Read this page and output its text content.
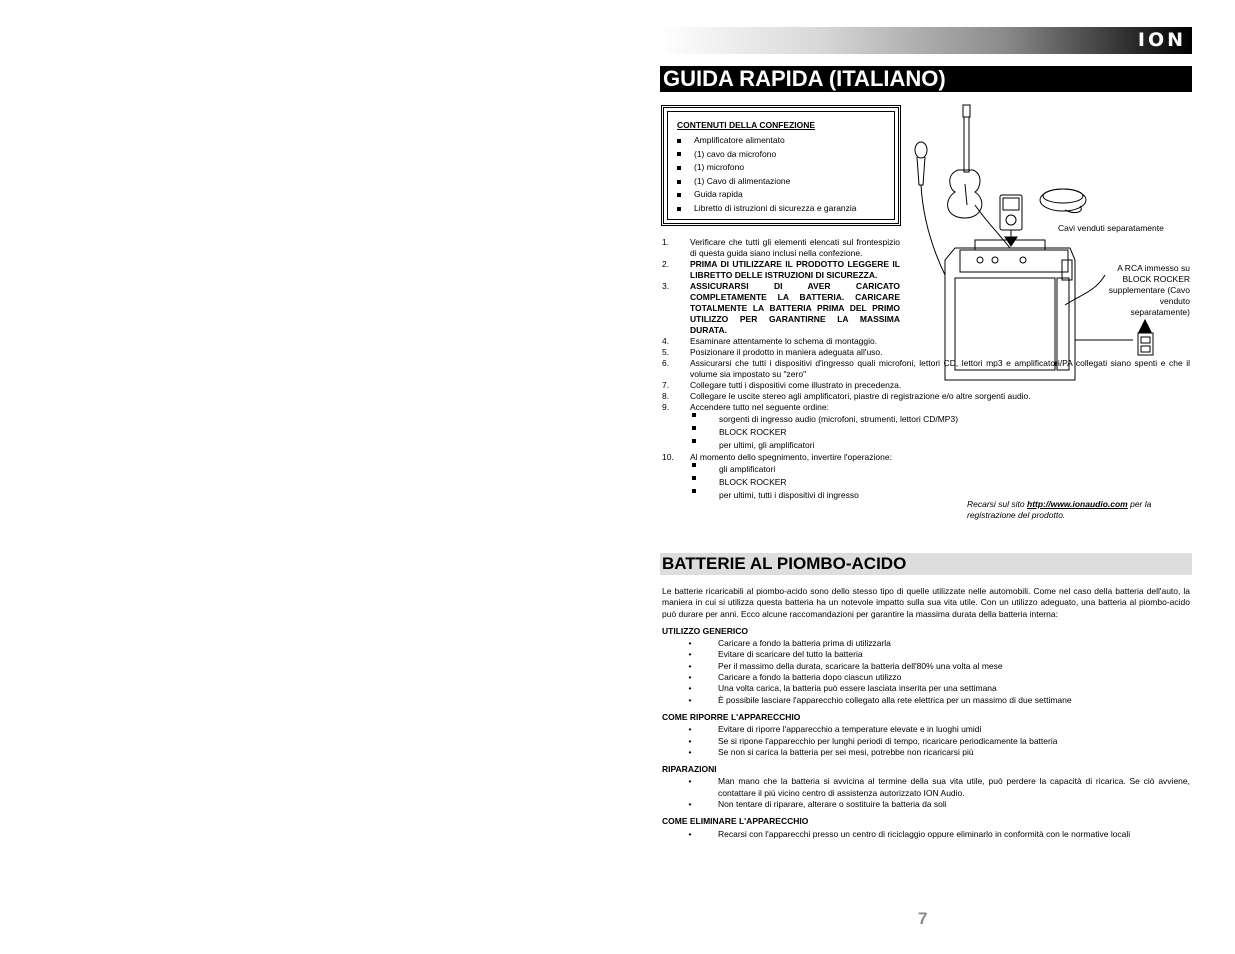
ION
GUIDA RAPIDA (ITALIANO)
CONTENUTI DELLA CONFEZIONE
Amplificatore alimentato
(1) cavo da microfono
(1) microfono
(1) Cavo di alimentazione
Guida rapida
Libretto di istruzioni di sicurezza e garanzia
Cavi venduti separatamente
A RCA immesso su BLOCK ROCKER supplementare (Cavo venduto separatamente)
1.	Verificare che tutti gli elementi elencati sul frontespizio di questa guida siano inclusi nella confezione.
2.	PRIMA DI UTILIZZARE IL PRODOTTO LEGGERE IL LIBRETTO DELLE ISTRUZIONI DI SICUREZZA.
3.	ASSICURARSI DI AVER CARICATO COMPLETAMENTE LA BATTERIA. CARICARE TOTALMENTE LA BATTERIA PRIMA DEL PRIMO UTILIZZO PER GARANTIRNE LA MASSIMA DURATA.
4.	Esaminare attentamente lo schema di montaggio.
5.	Posizionare il prodotto in maniera adeguata all'uso.
6.	Assicurarsi che tutti i dispositivi d'ingresso quali microfoni, lettori CD, lettori mp3 e amplificatori/PA collegati siano spenti e che il volume sia impostato su "zero"
7.	Collegare tutti i dispositivi come illustrato in precedenza.
8.	Collegare le uscite stereo agli amplificatori, piastre di registrazione e/o altre sorgenti audio.
9.	Accendere tutto nel seguente ordine:
sorgenti di ingresso audio (microfoni, strumenti, lettori CD/MP3)
BLOCK ROCKER
per ultimi, gli amplificatori
10.	Al momento dello spegnimento, invertire l'operazione:
gli amplificatori
BLOCK ROCKER
per ultimi, tutti i dispositivi di ingresso
Recarsi sul sito http://www.ionaudio.com per la registrazione del prodotto.
BATTERIE AL PIOMBO-ACIDO

Le batterie ricaricabili al piombo-acido sono dello stesso tipo di quelle utilizzate nelle automobili. Come nel caso della batteria dell'auto, la maniera in cui si utilizza questa batteria ha un notevole impatto sulla sua vita utile. Con un utilizzo adeguato, una batteria al piombo-acido può durare per anni. Ecco alcune raccomandazioni per garantire la massima durata della batteria interna:

UTILIZZO GENERICO
•	Caricare a fondo la batteria prima di utilizzarla
•	Evitare di scaricare del tutto la batteria
•	Per il massimo della durata, scaricare la batteria dell'80% una volta al mese
•	Caricare a fondo la batteria dopo ciascun utilizzo
•	Una volta carica, la batteria può essere lasciata inserita per una settimana
•	È possibile lasciare l'apparecchio collegato alla rete elettrica per un massimo di due settimane
COME RIPORRE L'APPARECCHIO
•	Evitare di riporre l'apparecchio a temperature elevate e in luoghi umidi
•	Se si ripone l'apparecchio per lunghi periodi di tempo, ricaricare periodicamente la batteria
•	Se non si carica la batteria per sei mesi, potrebbe non ricaricarsi più
RIPARAZIONI
•	Man mano che la batteria si avvicina al termine della sua vita utile, può perdere la capacità di ricarica. Se ciò avviene, contattare il più vicino centro di assistenza autorizzato ION Audio.
•	Non tentare di riparare, alterare o sostituire la batteria da soli
COME ELIMINARE L'APPARECCHIO
•	Recarsi con l'apparecchi presso un centro di riciclaggio oppure eliminarlo in conformità con le normative locali
7
